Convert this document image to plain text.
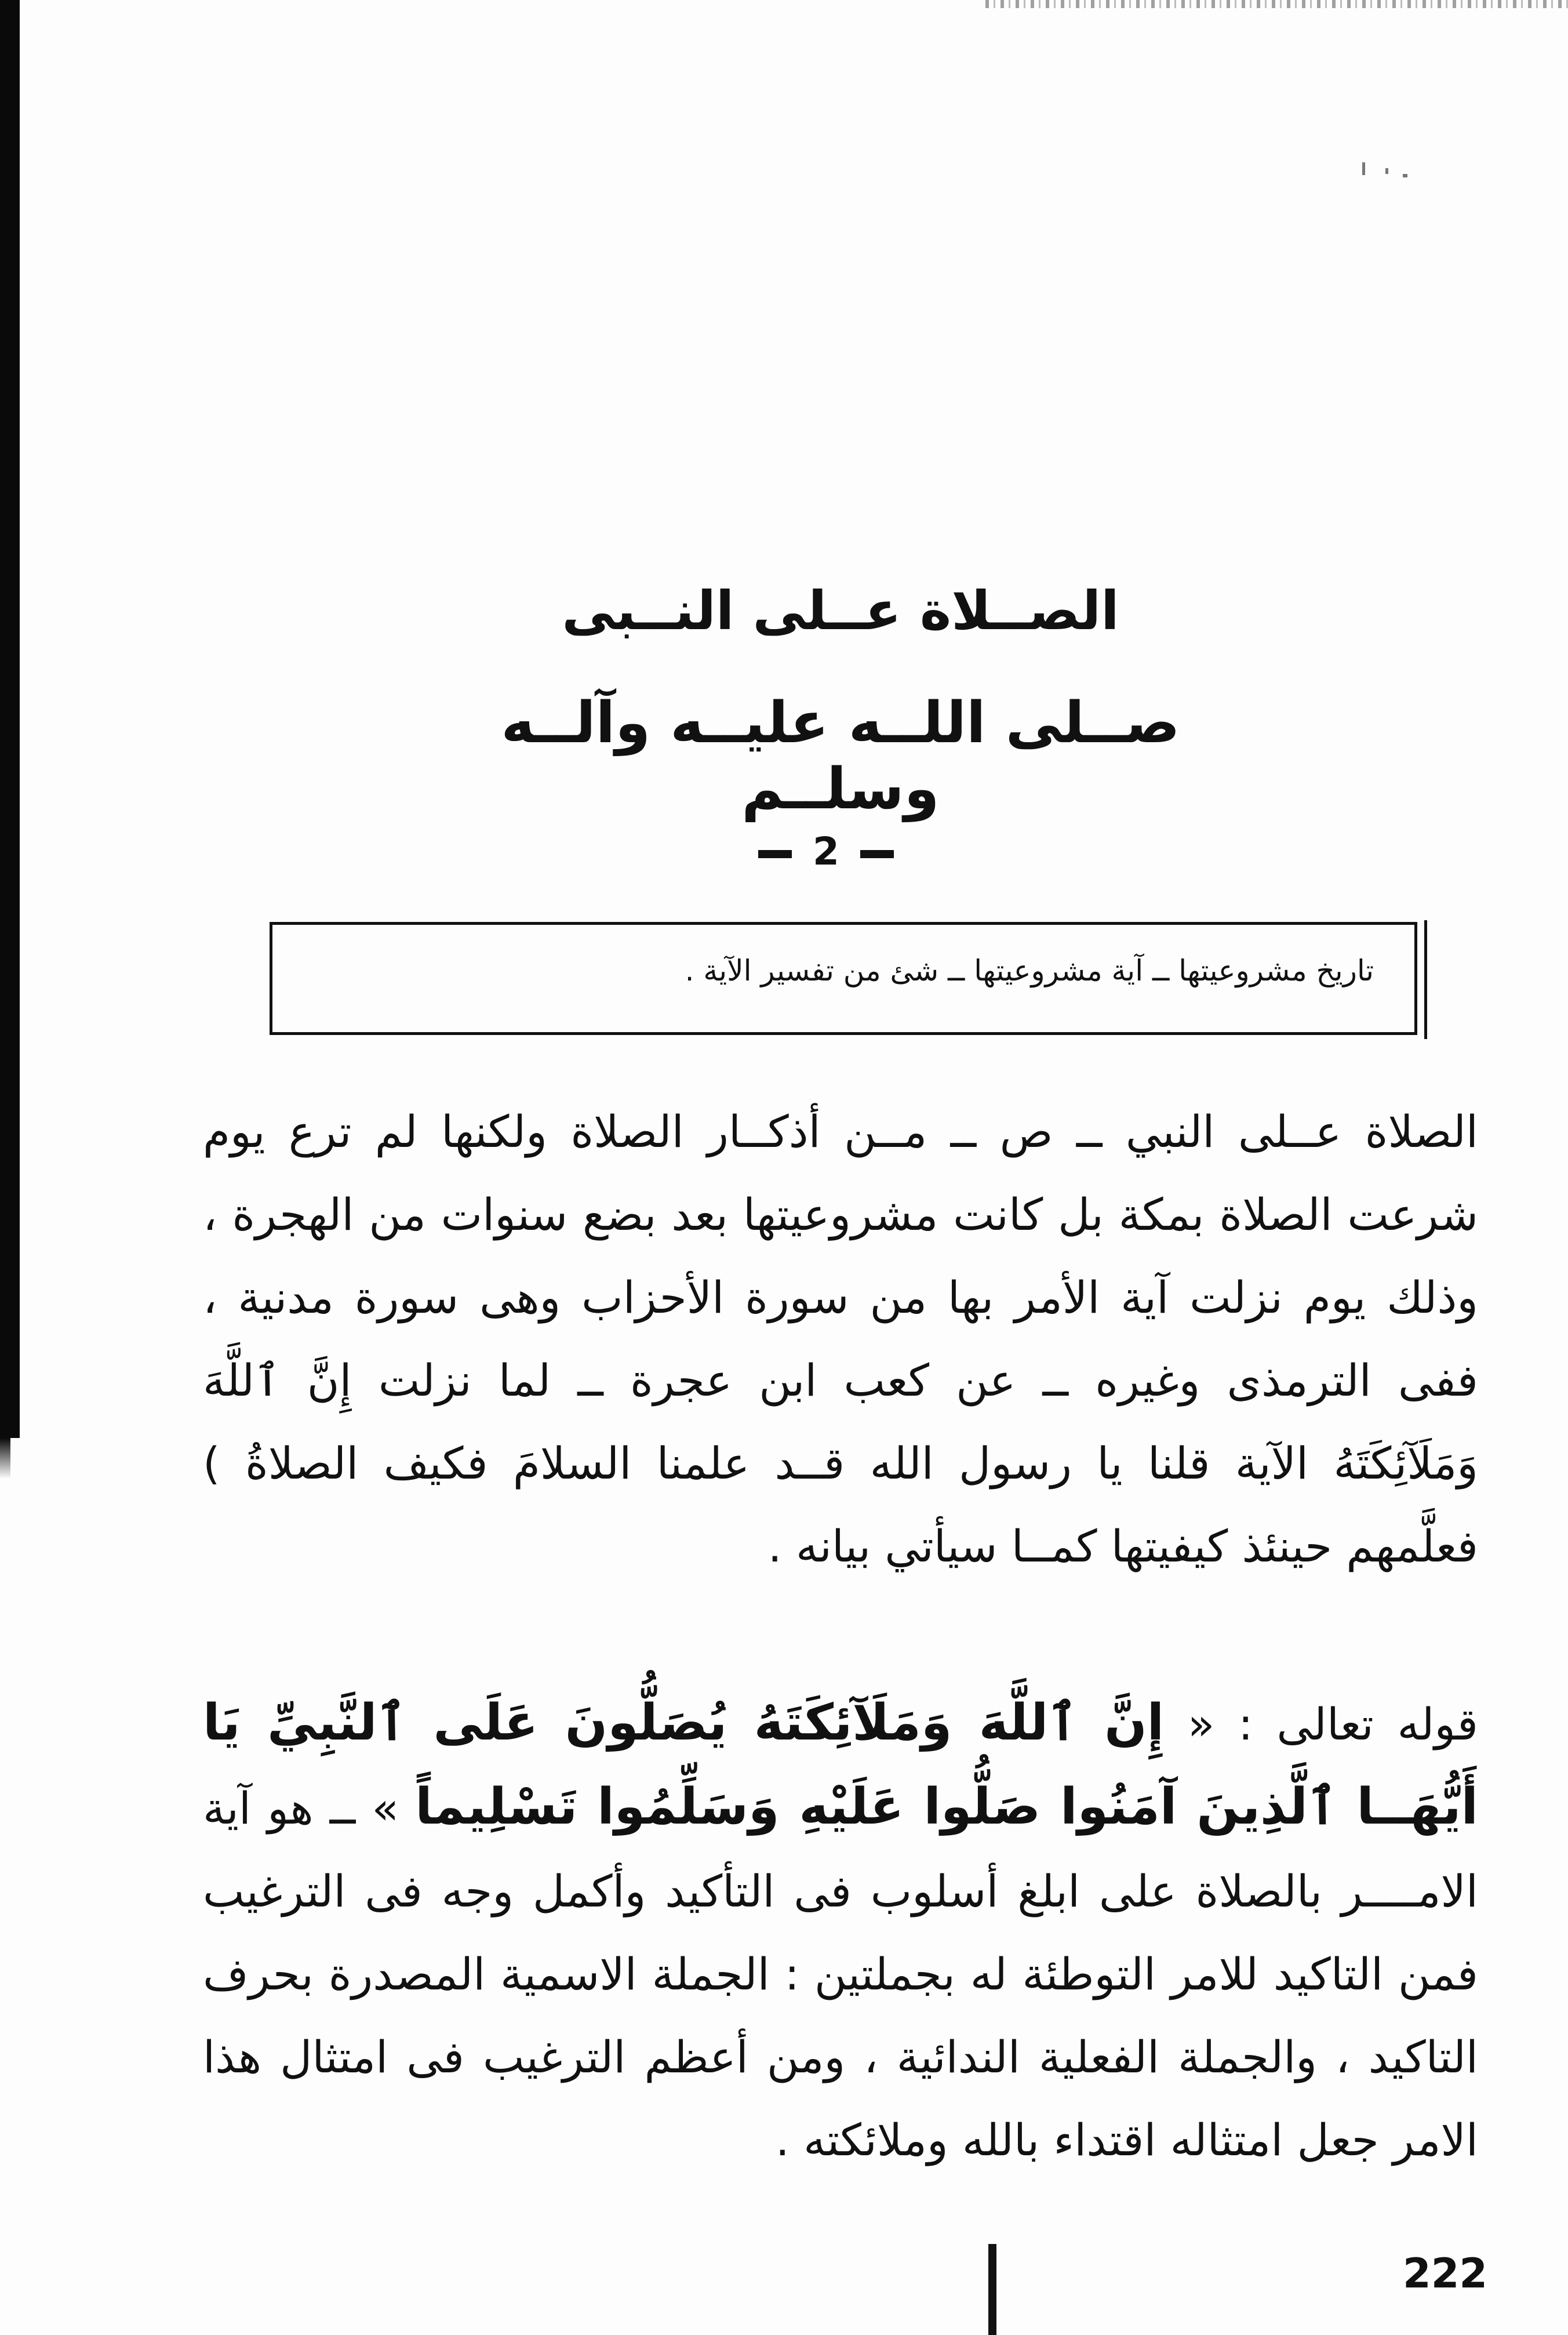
الصــلاة عــلى النــبى
صــلى اللــه عليــه وآلــه وسلــم
2
تاريخ مشروعيتها ــ آية مشروعيتها ــ شئ من تفسير الآية .

الصلاة عــلى النبي ــ ص ــ مــن أذكــار الصلاة ولكنها لم ترع يوم شرعت الصلاة بمكة بل كانت مشروعيتها بعد بضع سنوات من الهجرة ، وذلك يوم نزلت آية الأمر بها من سورة الأحزاب وهى سورة مدنية ، ففى الترمذى وغيره ــ عن كعب ابن عجرة ــ لما نزلت إِنَّ ٱللَّهَ وَمَلَآئِكَتَهُ الآية قلنا يا رسول الله قــد علمنا السلامَ فكيف الصلاةُ ) فعلَّمهم حينئذ كيفيتها كمــا سيأتي بيانه .

قوله تعالى : « إِنَّ ٱللَّهَ وَمَلَآئِكَتَهُ يُصَلُّونَ عَلَى ٱلنَّبِيِّ يَا أَيُّهَــا ٱلَّذِينَ آمَنُوا صَلُّوا عَلَيْهِ وَسَلِّمُوا تَسْلِيماً » ــ هو آية الامــــر بالصلاة على ابلغ أسلوب فى التأكيد وأكمل وجه فى الترغيب فمن التاكيد للامر التوطئة له بجملتين : الجملة الاسمية المصدرة بحرف التاكيد ، والجملة الفعلية الندائية ، ومن أعظم الترغيب فى امتثال هذا الامر جعل امتثاله اقتداء بالله وملائكته .

222
